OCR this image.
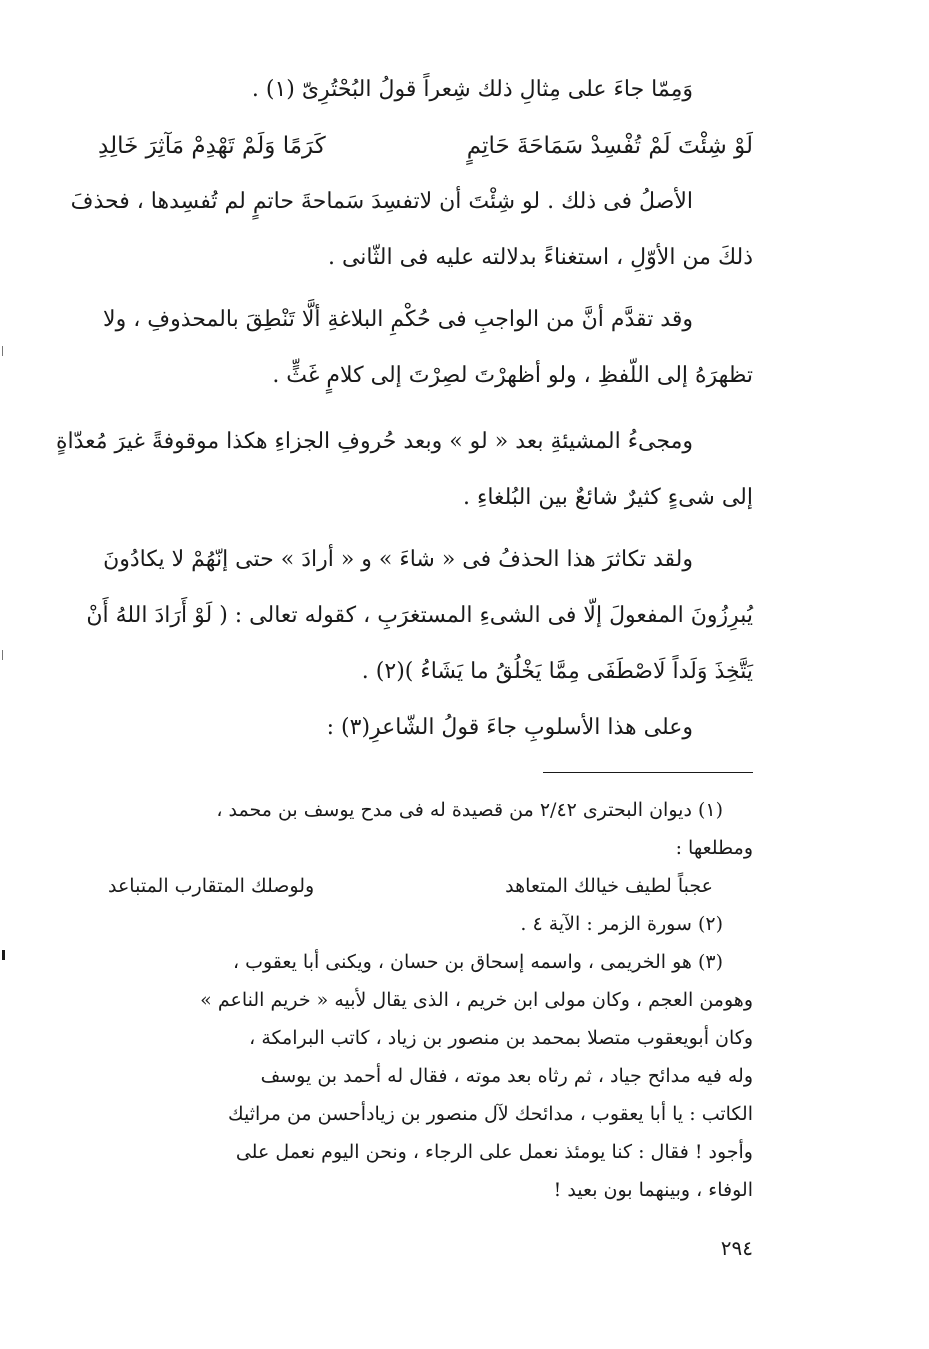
وَمِمّا جاءَ على مِثالِ ذلك شِعراً قولُ البُحْتُرِىّ (١) .
لَوْ شِئْتَ لَمْ تُفْسِدْ سَمَاحَةَ حَاتِمٍ
كَرَمًا وَلَمْ تَهْدِمْ مَآثِرَ خَالِدِ
الأصلُ فى ذلك . لو شِئْتَ أن لاتفسِدَ سَماحةَ حاتمٍ لم تُفسِدها ، فحذفَ
ذلكَ من الأوّلِ ، استغناءً بدلالته عليه فى الثّانى .
وقد تقدَّم أنَّ من الواجبِ فى حُكْمِ البلاغةِ ألَّا تَنْطِقَ بالمحذوفِ ، ولا
تظهرَهُ إلى اللّفظِ ، ولو أظهرْتَ لصِرْتَ إلى كلامٍ غَثٍّ .
ومجىءُ المشيئةِ بعد « لو » وبعد حُروفِ الجزاءِ هكذا موقوفةً غيرَ مُعدّاةٍ
إلى شىءٍ كثيرٌ شائعٌ بين البُلغاءِ .
ولقد تكاثرَ هذا الحذفُ فى « شاءَ » و « أرادَ » حتى إنّهُمْ لا يكادُونَ
يُبرِزُونَ المفعولَ إلّا فى الشىءِ المستغرَبِ ، كقوله تعالى : ( لَوْ أَرَادَ اللهُ أَنْ
يَتَّخِذَ وَلَداً لَاصْطَفَى مِمَّا يَخْلُقُ ما يَشَاءُ )(٢) .
وعلى هذا الأسلوبِ جاءَ قولُ الشّاعرِ(٣) :
(١) ديوان البحترى ٢/٤٢ من قصيدة له فى مدح يوسف بن محمد ،
ومطلعها :
عجباً لطيف خيالك المتعاهد
ولوصلك المتقارب المتباعد
(٢) سورة الزمر : الآية ٤ .
(٣) هو الخريمى ، واسمه إسحاق بن حسان ، ويكنى أبا يعقوب ،
وهومن العجم ، وكان مولى ابن خريم ، الذى يقال لأبيه « خريم الناعم »
وكان أبويعقوب متصلا بمحمد بن منصور بن زياد ، كاتب البرامكة ،
وله فيه مدائح جياد ، ثم رثاه بعد موته ، فقال له أحمد بن يوسف
الكاتب : يا أبا يعقوب ، مدائحك لآل منصور بن زيادأحسن من مراثيك
وأجود ! فقال : كنا يومئذ نعمل على الرجاء ، ونحن اليوم نعمل على
الوفاء ، وبينهما بون بعيد !
٢٩٤
